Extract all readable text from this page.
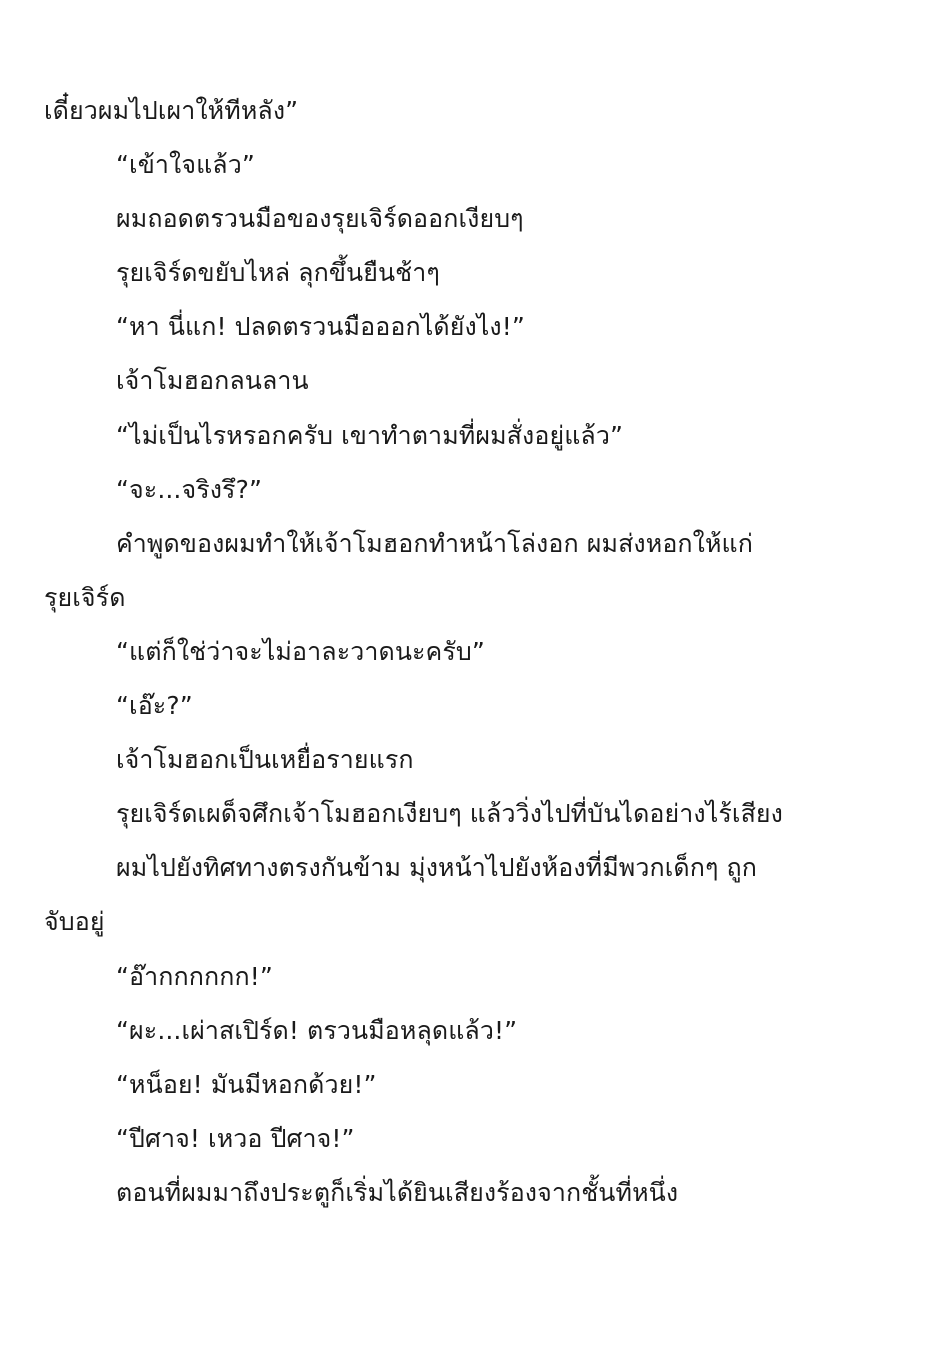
เดี๋ยวผมไปเผาให้ทีหลัง”
“เข้าใจแล้ว”
ผมถอดตรวนมือของรุยเจิร์ดออกเงียบๆ
รุยเจิร์ดขยับไหล่ ลุกขึ้นยืนช้าๆ
“หา นี่แก! ปลดตรวนมือออกได้ยังไง!”
เจ้าโมฮอกลนลาน
“ไม่เป็นไรหรอกครับ เขาทำตามที่ผมสั่งอยู่แล้ว”
“จะ...จริงรึ?”
คำพูดของผมทำให้เจ้าโมฮอกทำหน้าโล่งอก ผมส่งหอกให้แก่
รุยเจิร์ด
“แต่ก็ใช่ว่าจะไม่อาละวาดนะครับ”
“เอ๊ะ?”
เจ้าโมฮอกเป็นเหยื่อรายแรก
รุยเจิร์ดเผด็จศึกเจ้าโมฮอกเงียบๆ แล้ววิ่งไปที่บันไดอย่างไร้เสียง
ผมไปยังทิศทางตรงกันข้าม มุ่งหน้าไปยังห้องที่มีพวกเด็กๆ ถูก
จับอยู่
“อ๊ากกกกกก!”
“ผะ...เผ่าสเปิร์ด! ตรวนมือหลุดแล้ว!”
“หน็อย! มันมีหอกด้วย!”
“ปีศาจ! เหวอ ปีศาจ!”
ตอนที่ผมมาถึงประตูก็เริ่มได้ยินเสียงร้องจากชั้นที่หนึ่ง
